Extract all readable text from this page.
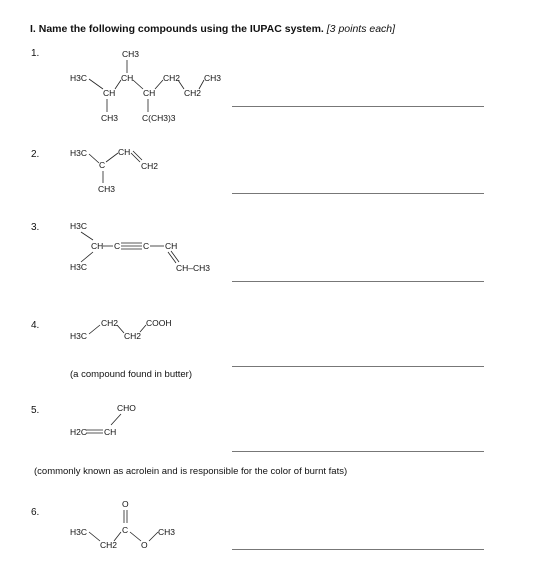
I. Name the following compounds using the IUPAC system. [3 points each]
1.
2.
3.
4.
5.
6.
(a compound found in butter)
(commonly known as acrolein and is responsible for the color of burnt fats)
CH3
H3C
CH
CH
CH
CH2
CH2
CH3
CH3	C(CH3)3
H3C
C
CH
CH2
CH3
H3C
CH C	C CH
CH–CH3
H3C
H3C
CH2
CH2
COOH
CHO
H2C CH
O
H3C
CH2
C
O
CH3
